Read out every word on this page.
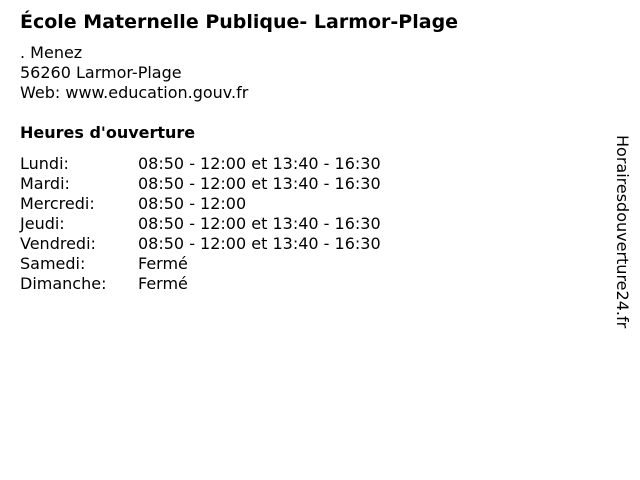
École Maternelle Publique- Larmor-Plage
. Menez
56260 Larmor-Plage
Web: www.education.gouv.fr
Heures d'ouverture
Lundi:	08:50 - 12:00 et 13:40 - 16:30
Mardi:	08:50 - 12:00 et 13:40 - 16:30
Mercredi:	08:50 - 12:00
Jeudi:	08:50 - 12:00 et 13:40 - 16:30
Vendredi:	08:50 - 12:00 et 13:40 - 16:30
Samedi:	Fermé
Dimanche:	Fermé	Horairesdouverture24.fr
